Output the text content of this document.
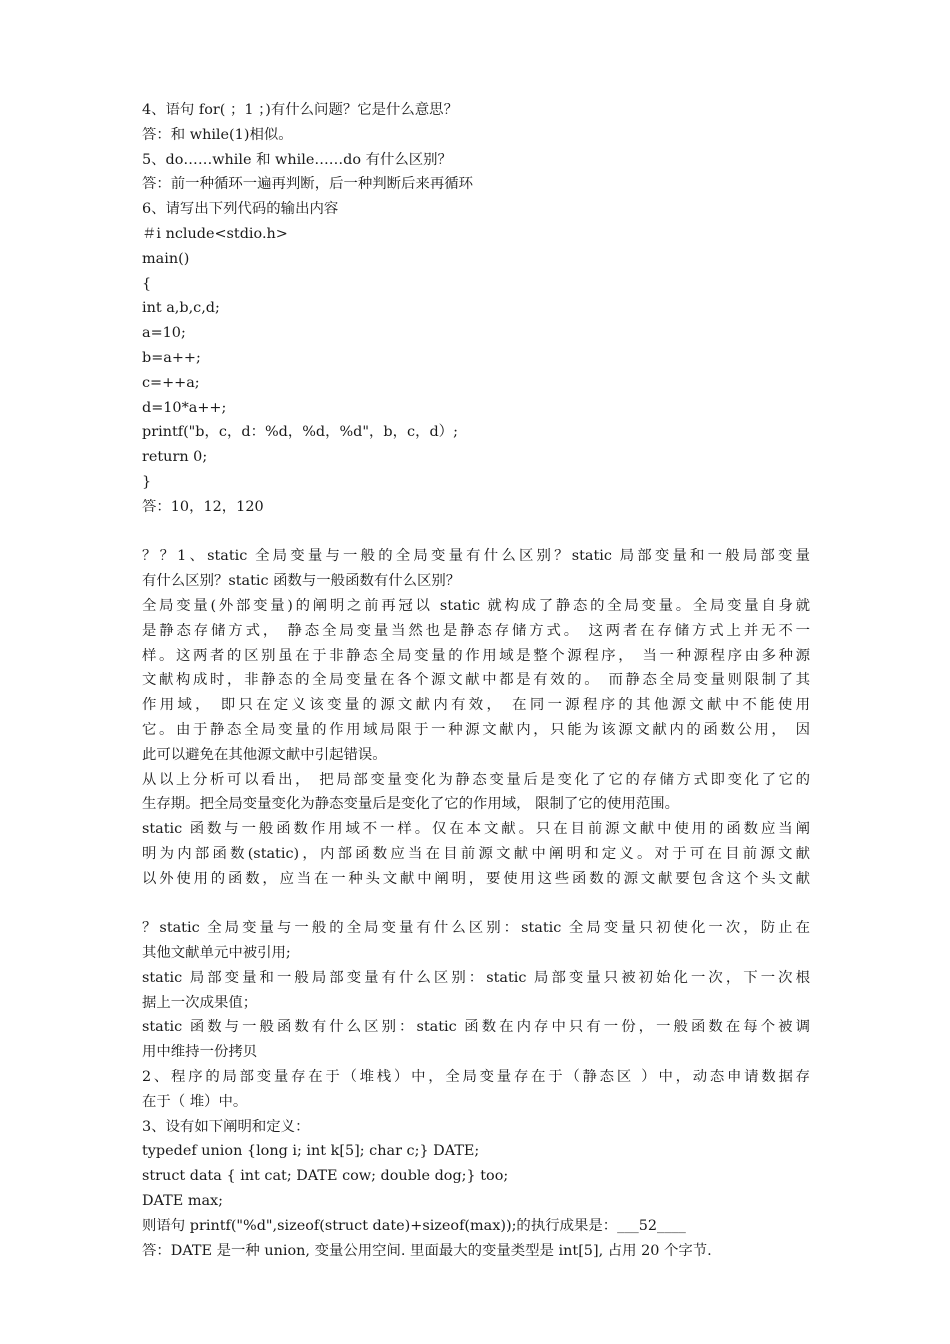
4、语句 for( ；1 ；)有什么问题？它是什么意思？
答：和 while(1)相似。
5、do……while 和 while……do 有什么区别？
答：前一种循环一遍再判断，后一种判断后来再循环
6、请写出下列代码的输出内容
＃i nclude<stdio.h>
main()
{
int a,b,c,d;
a=10;
b=a++;
c=++a;
d=10*a++;
printf("b，c，d：%d，%d，%d"，b，c，d）;
return 0;
}
答：10，12，120
？？1、static 全局变量与一般的全局变量有什么区别？static 局部变量和一般局部变量
有什么区别？static 函数与一般函数有什么区别？
全局变量(外部变量)的阐明之前再冠以 static 就构成了静态的全局变量。全局变量自身就
是静态存储方式， 静态全局变量当然也是静态存储方式。 这两者在存储方式上并无不一
样。这两者的区别虽在于非静态全局变量的作用域是整个源程序， 当一种源程序由多种源
文献构成时，非静态的全局变量在各个源文献中都是有效的。 而静态全局变量则限制了其
作用域， 即只在定义该变量的源文献内有效， 在同一源程序的其他源文献中不能使用
它。由于静态全局变量的作用域局限于一种源文献内，只能为该源文献内的函数公用， 因
此可以避免在其他源文献中引起错误。
从以上分析可以看出， 把局部变量变化为静态变量后是变化了它的存储方式即变化了它的
生存期。把全局变量变化为静态变量后是变化了它的作用域， 限制了它的使用范围。
static 函数与一般函数作用域不一样。仅在本文献。只在目前源文献中使用的函数应当阐
明为内部函数(static)，内部函数应当在目前源文献中阐明和定义。对于可在目前源文献
以外使用的函数，应当在一种头文献中阐明，要使用这些函数的源文献要包含这个头文献
？static 全局变量与一般的全局变量有什么区别：static 全局变量只初使化一次，防止在
其他文献单元中被引用;
static 局部变量和一般局部变量有什么区别：static 局部变量只被初始化一次，下一次根
据上一次成果值；
static 函数与一般函数有什么区别：static 函数在内存中只有一份，一般函数在每个被调
用中维持一份拷贝
2、程序的局部变量存在于（堆栈）中，全局变量存在于（静态区 ）中，动态申请数据存
在于（ 堆）中。
3、设有如下阐明和定义：
typedef union {long i; int k[5]; char c;} DATE;
struct data { int cat; DATE cow; double dog;} too;
DATE max;
则语句 printf("%d",sizeof(struct date)+sizeof(max));的执行成果是：___52____
答：DATE 是一种 union, 变量公用空间. 里面最大的变量类型是 int[5], 占用 20 个字节.
